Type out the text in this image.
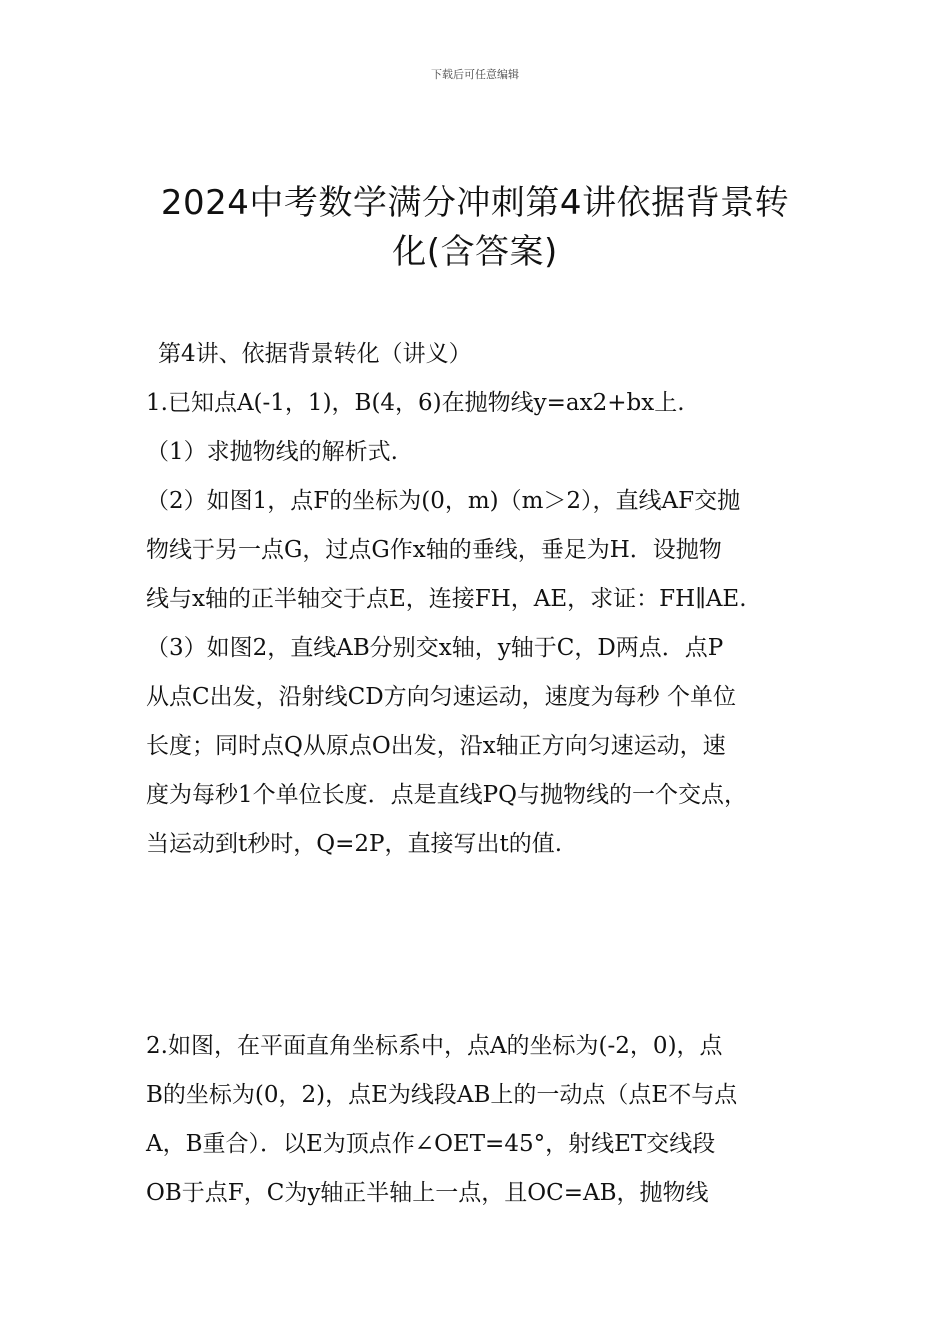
下载后可任意编辑
2024中考数学满分冲刺第4讲依据背景转
化(含答案)
第4讲、依据背景转化（讲义）
1.已知点A(-1，1)，B(4，6)在抛物线y=ax2+bx上.
（1）求抛物线的解析式.
（2）如图1，点F的坐标为(0，m)（m＞2），直线AF交抛
物线于另一点G，过点G作x轴的垂线，垂足为H．设抛物
线与x轴的正半轴交于点E，连接FH，AE，求证：FH∥AE.
（3）如图2，直线AB分别交x轴，y轴于C，D两点．点P
从点C出发，沿射线CD方向匀速运动，速度为每秒 个单位
长度；同时点Q从原点O出发，沿x轴正方向匀速运动，速
度为每秒1个单位长度．点是直线PQ与抛物线的一个交点，
当运动到t秒时，Q=2P，直接写出t的值.
2.如图，在平面直角坐标系中，点A的坐标为(-2，0)，点
B的坐标为(0，2)，点E为线段AB上的一动点（点E不与点
A，B重合）．以E为顶点作∠OET=45°，射线ET交线段
OB于点F，C为y轴正半轴上一点，且OC=AB，抛物线
